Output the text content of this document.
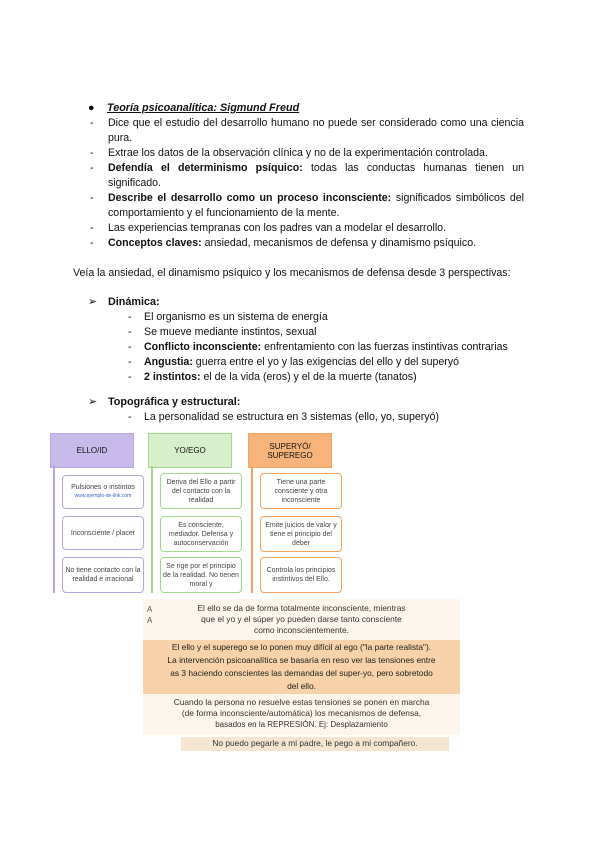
● Teoría psicoanalítica: Sigmund Freud
- Dice que el estudio del desarrollo humano no puede ser considerado como una ciencia pura.
- Extrae los datos de la observación clínica y no de la experimentación controlada.
- Defendía el determinismo psíquico: todas las conductas humanas tienen un significado.
- Describe el desarrollo como un proceso inconsciente: significados simbólicos del comportamiento y el funcionamiento de la mente.
- Las experiencias tempranas con los padres van a modelar el desarrollo.
- Conceptos claves: ansiedad, mecanismos de defensa y dinamismo psíquico.
Veía la ansiedad, el dinamismo psíquico y los mecanismos de defensa desde 3 perspectivas:
➢ Dinámica:
- El organismo es un sistema de energía
- Se mueve mediante instintos, sexual
- Conflicto inconsciente: enfrentamiento con las fuerzas instintivas contrarias
- Angustia: guerra entre el yo y las exigencias del ello y del superyó
- 2 instintos: el de la vida (eros) y el de la muerte (tanatos)
➢ Topográfica y estructural:
- La personalidad se estructura en 3 sistemas (ello, yo, superyó)
ELLO/ID
Pulsiones o instintos
www.ejemplo-de-link.com
Inconsciente / placer
No tiene contacto con la realidad e irracional
YO/EGO
Deriva del Ello a partir del contacto con la realidad
Es consciente, mediador. Defensa y autoconservación
Se rige por el principio de la realidad. No tienen moral y
SUPERYÓ/ SUPEREGO
Tiene una parte consciente y otra inconsciente
Emite juicios de valor y tiene el principio del deber
Controla los principios instintivos del Ello.
A
A
El ello se da de forma totalmente inconsciente, mientras
que el yo y el súper yo pueden darse tanto consciente
como inconscientemente.
El ello y el superego se lo ponen muy difícil al ego ("la parte realista").
La intervención psicoanalítica se basaría en reso ver las tensiones entre
as 3 haciendo conscientes las demandas del super-yo, pero sobretodo
del ello.
Cuando la persona no resuelve estas tensiones se ponen en marcha
(de forma inconsciente/automática) los mecanismos de defensa,
basados en la REPRESIÓN. Ej: Desplazamiento
No puedo pegarle a mi padre, le pego a mi compañero.
